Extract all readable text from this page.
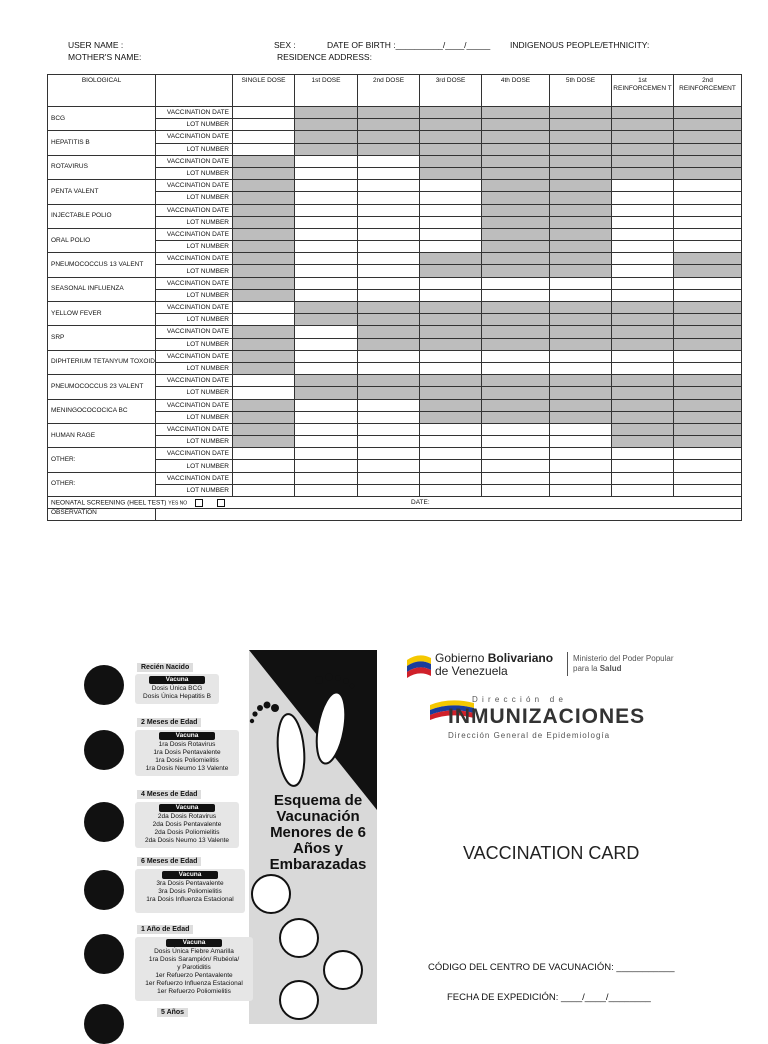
USER NAME :	SEX :	DATE OF BIRTH :__________/____/_____ INDIGENOUS PEOPLE/ETHNICITY:
MOTHER'S NAME:	RESIDENCE ADDRESS:
BIOLOGICAL		SINGLE DOSE	1st DOSE	2nd DOSE	3rd DOSE	4th DOSE	5th DOSE	1st REINFORCEMEN T	2nd REINFORCEMENT
BCG	VACCINATION DATE								
	LOT NUMBER								
HEPATITIS B	VACCINATION DATE								
	LOT NUMBER								
ROTAVIRUS	VACCINATION DATE								
	LOT NUMBER								
PENTA VALENT	VACCINATION DATE								
	LOT NUMBER								
INJECTABLE POLIO	VACCINATION DATE								
	LOT NUMBER								
ORAL POLIO	VACCINATION DATE								
	LOT NUMBER								
PNEUMOCOCCUS 13 VALENT	VACCINATION DATE								
	LOT NUMBER								
SEASONAL INFLUENZA	VACCINATION DATE								
	LOT NUMBER								
YELLOW FEVER	VACCINATION DATE								
	LOT NUMBER								
SRP	VACCINATION DATE								
	LOT NUMBER								
DIPHTERIUM TETANYUM TOXOID	VACCINATION DATE								
	LOT NUMBER								
PNEUMOCOCCUS 23 VALENT	VACCINATION DATE								
	LOT NUMBER								
MENINGOCOCOCICA BC	VACCINATION DATE								
	LOT NUMBER								
HUMAN RAGE	VACCINATION DATE								
	LOT NUMBER								
OTHER:	VACCINATION DATE								
	LOT NUMBER								
OTHER:	VACCINATION DATE								
	LOT NUMBER								
NEONATAL SCREENING (HEEL TEST) YES NO DATE:									

OBSERVATION									
Esquema de Vacunación Menores de 6 Años y Embarazadas
Recién Nacido
Vacuna
Dosis Única BCG
Dosis Única Hepatitis B
2 Meses de Edad
Vacuna
1ra Dosis Rotavirus
1ra Dosis Pentavalente
1ra Dosis Poliomielitis
1ra Dosis Neumo 13 Valente
4 Meses de Edad
Vacuna
2da Dosis Rotavirus
2da Dosis Pentavalente
2da Dosis Poliomielitis
2da Dosis Neumo 13 Valente
6 Meses de Edad
Vacuna
3ra Dosis Pentavalente
3ra Dosis Poliomielitis
1ra Dosis Influenza Estacional
1 Año de Edad
Vacuna
Dosis Única Fiebre Amarilla
1ra Dosis Sarampión/ Rubéola/
y Parotiditis
1er Refuerzo Pentavalente
1er Refuerzo Influenza Estacional
1er Refuerzo Poliomielitis
5 Años
Gobierno Bolivariano
de Venezuela
Ministerio del Poder Popular
para la Salud
D i r e c c i ó n   d e
INMUNIZACIONES
Dirección General de Epidemiología
VACCINATION CARD
CÓDIGO DEL CENTRO DE VACUNACIÓN: ___________
FECHA DE EXPEDICIÓN: ____/____/________
